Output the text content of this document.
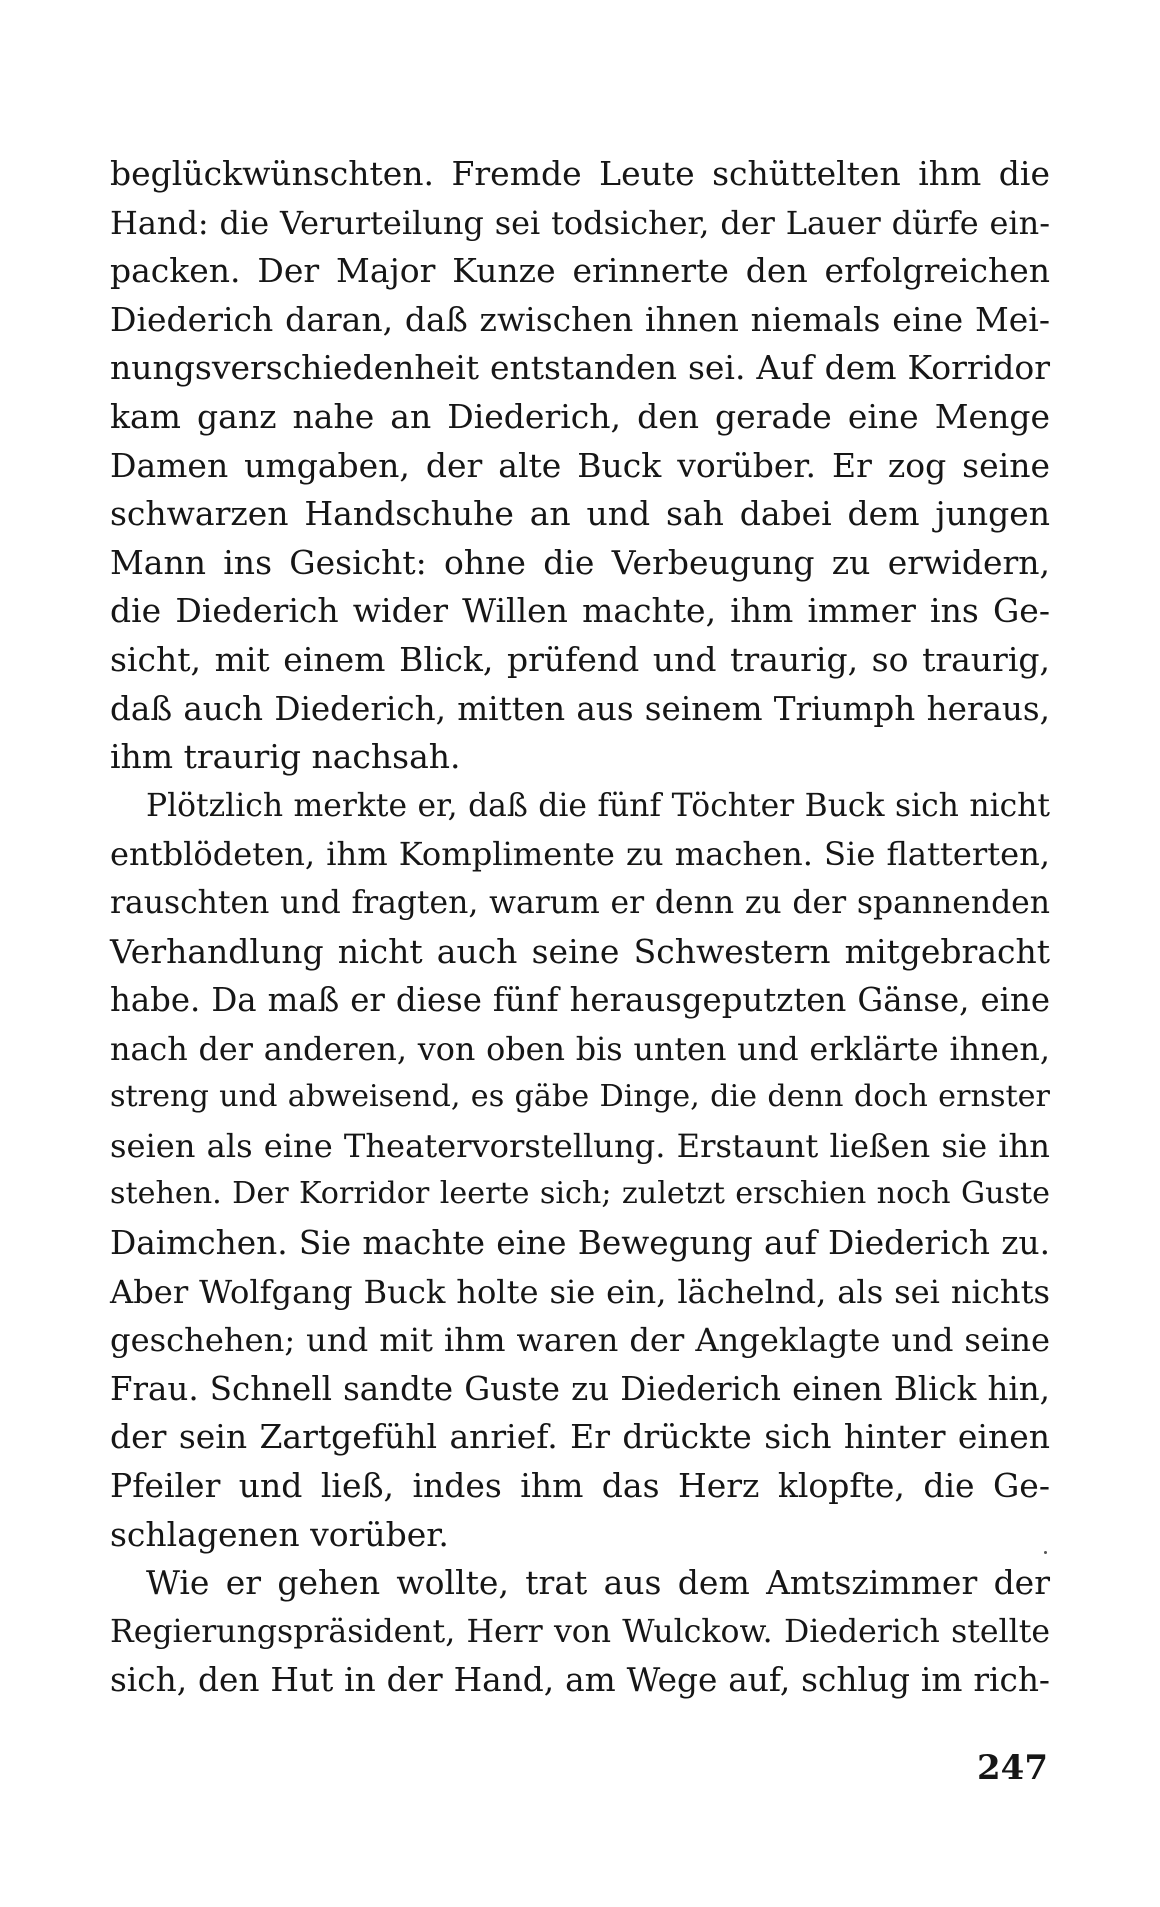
beglückwünschten. Fremde Leute schüttelten ihm die
Hand: die Verurteilung sei todsicher, der Lauer dürfe ein-
packen. Der Major Kunze erinnerte den erfolgreichen
Diederich daran, daß zwischen ihnen niemals eine Mei-
nungsverschiedenheit entstanden sei. Auf dem Korridor
kam ganz nahe an Diederich, den gerade eine Menge
Damen umgaben, der alte Buck vorüber. Er zog seine
schwarzen Handschuhe an und sah dabei dem jungen
Mann ins Gesicht: ohne die Verbeugung zu erwidern,
die Diederich wider Willen machte, ihm immer ins Ge-
sicht, mit einem Blick, prüfend und traurig, so traurig,
daß auch Diederich, mitten aus seinem Triumph heraus,
ihm traurig nachsah.
Plötzlich merkte er, daß die fünf Töchter Buck sich nicht
entblödeten, ihm Komplimente zu machen. Sie flatterten,
rauschten und fragten, warum er denn zu der spannenden
Verhandlung nicht auch seine Schwestern mitgebracht
habe. Da maß er diese fünf herausgeputzten Gänse, eine
nach der anderen, von oben bis unten und erklärte ihnen,
streng und abweisend, es gäbe Dinge, die denn doch ernster
seien als eine Theatervorstellung. Erstaunt ließen sie ihn
stehen. Der Korridor leerte sich; zuletzt erschien noch Guste
Daimchen. Sie machte eine Bewegung auf Diederich zu.
Aber Wolfgang Buck holte sie ein, lächelnd, als sei nichts
geschehen; und mit ihm waren der Angeklagte und seine
Frau. Schnell sandte Guste zu Diederich einen Blick hin,
der sein Zartgefühl anrief. Er drückte sich hinter einen
Pfeiler und ließ, indes ihm das Herz klopfte, die Ge-
schlagenen vorüber.
Wie er gehen wollte, trat aus dem Amtszimmer der
Regierungspräsident, Herr von Wulckow. Diederich stellte
sich, den Hut in der Hand, am Wege auf, schlug im rich-
247
